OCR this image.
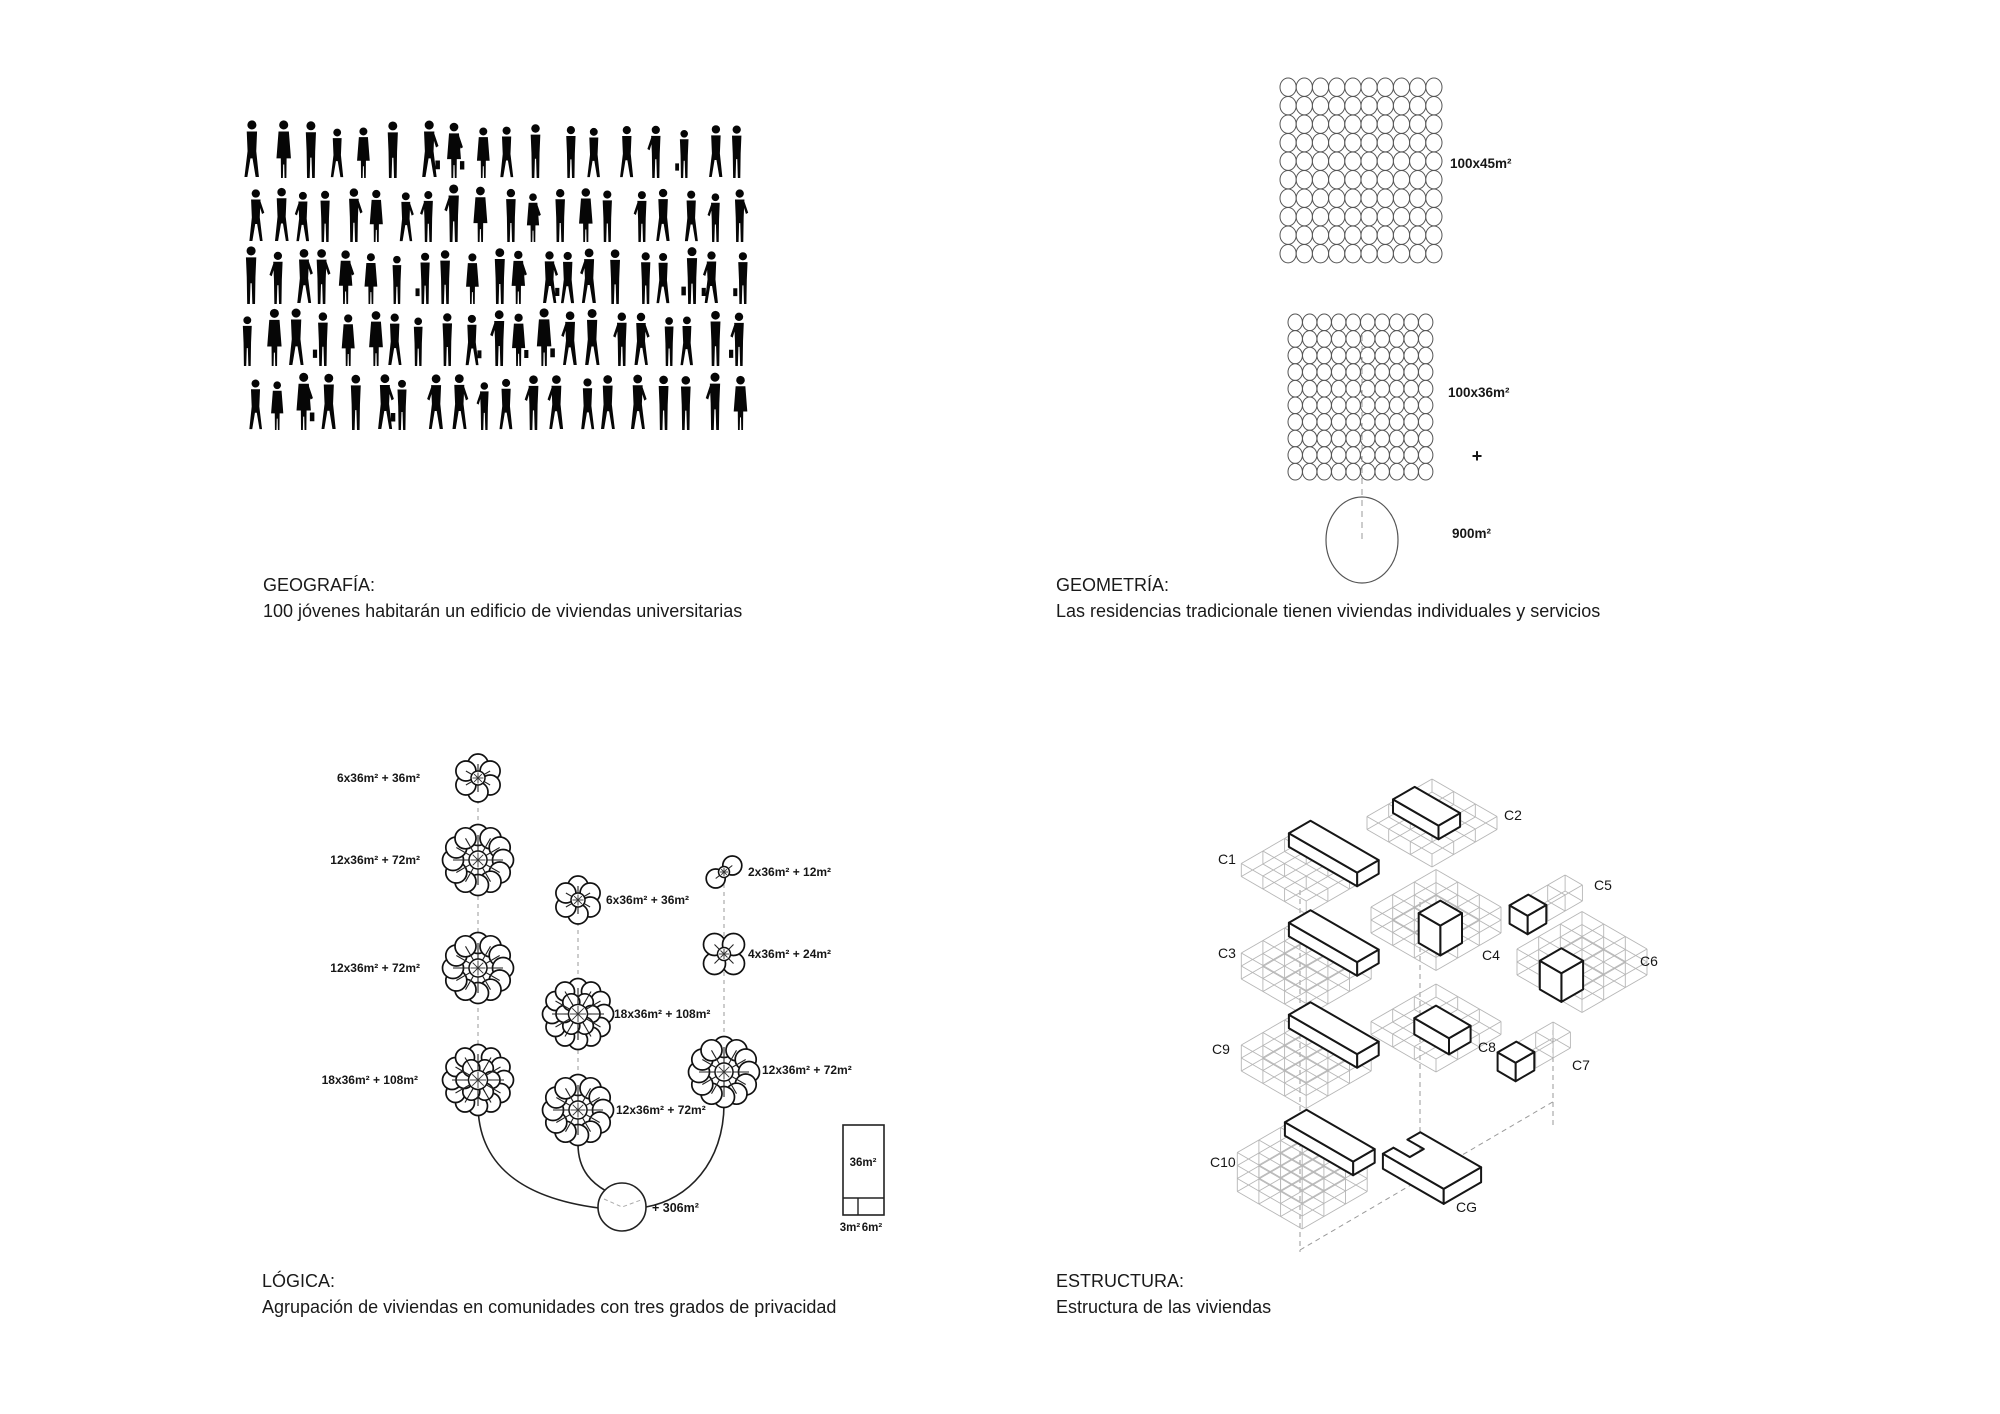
100x45m²
100x36m²
+
900m²
6x36m² + 36m²
12x36m² + 72m²
12x36m² + 72m²
18x36m² + 108m²
6x36m² + 36m²
18x36m² + 108m²
12x36m² + 72m²
2x36m² + 12m²
4x36m² + 24m²
12x36m² + 72m²
+ 306m²
36m²
3m² 6m²
C1
C2
C3	C4
C5
C6
C7
C8
C9
C10
CG
GEOGRAFÍA:
100 jóvenes habitarán un edificio de viviendas universitarias
GEOMETRÍA:
Las residencias tradicionale tienen viviendas individuales y servicios
LÓGICA:
Agrupación de viviendas en comunidades con tres grados de privacidad
ESTRUCTURA:
Estructura de las viviendas
